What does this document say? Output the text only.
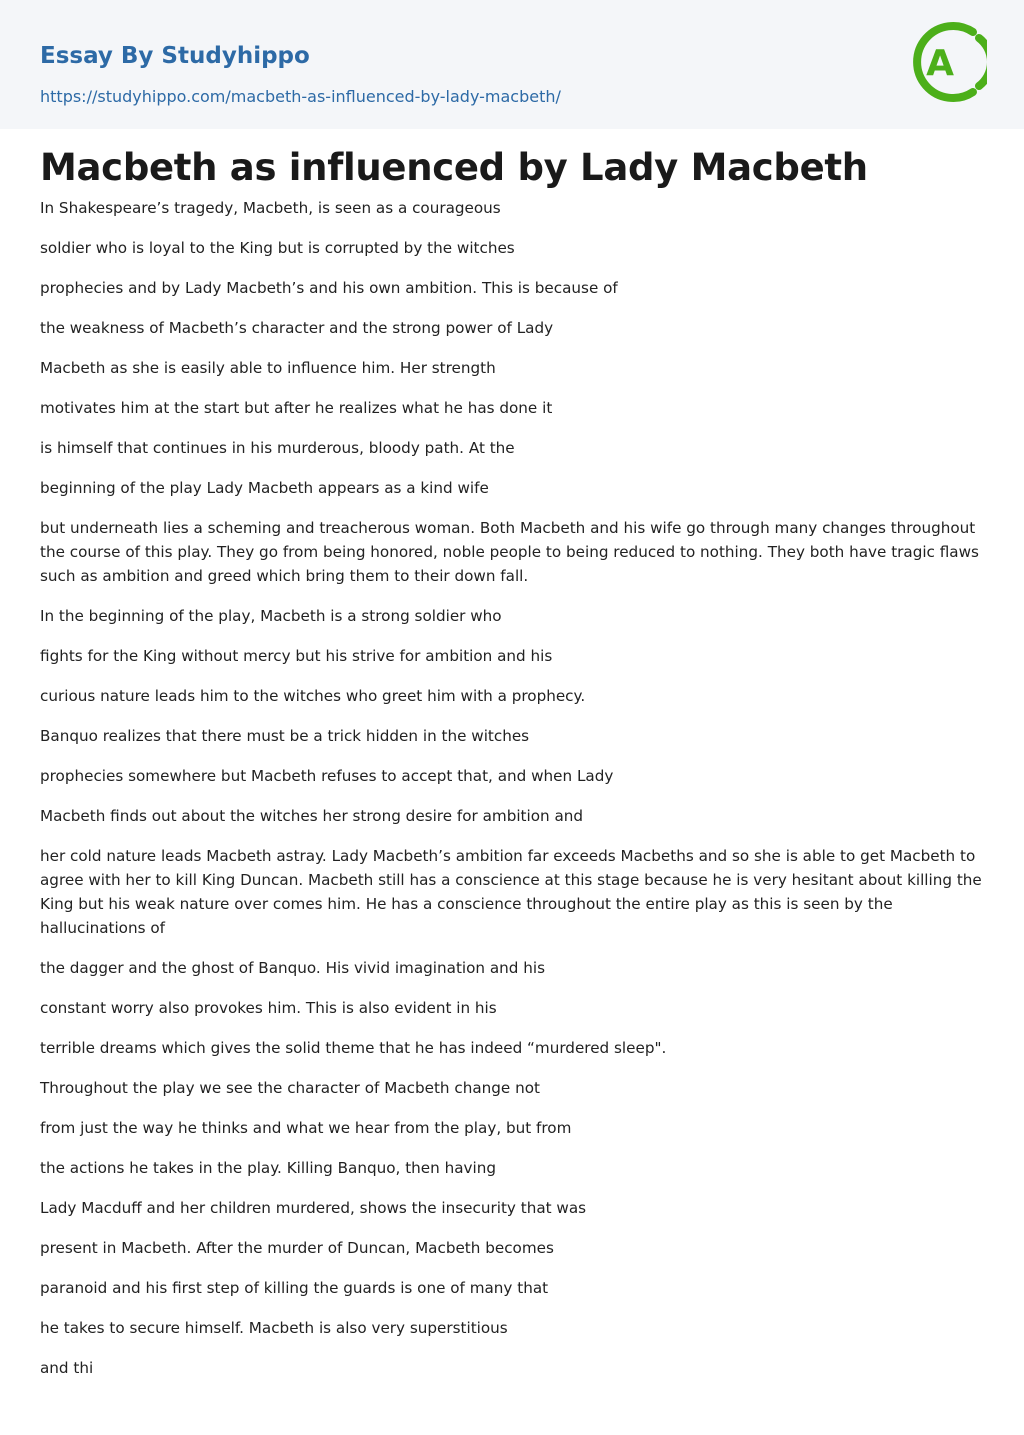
Essay By Studyhippo

https://studyhippo.com/macbeth-as-influenced-by-lady-macbeth/
A
Macbeth as influenced by Lady Macbeth

In Shakespeare’s tragedy, Macbeth, is seen as a courageous

soldier who is loyal to the King but is corrupted by the witches

prophecies and by Lady Macbeth’s and his own ambition. This is because of

the weakness of Macbeth’s character and the strong power of Lady

Macbeth as she is easily able to influence him. Her strength

motivates him at the start but after he realizes what he has done it

is himself that continues in his murderous, bloody path. At the

beginning of the play Lady Macbeth appears as a kind wife

but underneath lies a scheming and treacherous woman. Both Macbeth and his wife go through many changes throughout the course of this play. They go from being honored, noble people to being reduced to nothing. They both have tragic flaws such as ambition and greed which bring them to their down fall.

In the beginning of the play, Macbeth is a strong soldier who

fights for the King without mercy but his strive for ambition and his

curious nature leads him to the witches who greet him with a prophecy.

Banquo realizes that there must be a trick hidden in the witches

prophecies somewhere but Macbeth refuses to accept that, and when Lady

Macbeth finds out about the witches her strong desire for ambition and

her cold nature leads Macbeth astray. Lady Macbeth’s ambition far exceeds Macbeths and so she is able to get Macbeth to agree with her to kill King Duncan. Macbeth still has a conscience at this stage because he is very hesitant about killing the King but his weak nature over comes him. He has a conscience throughout the entire play as this is seen by the hallucinations of

the dagger and the ghost of Banquo. His vivid imagination and his

constant worry also provokes him. This is also evident in his

terrible dreams which gives the solid theme that he has indeed “murdered sleep".

Throughout the play we see the character of Macbeth change not

from just the way he thinks and what we hear from the play, but from

the actions he takes in the play. Killing Banquo, then having

Lady Macduff and her children murdered, shows the insecurity that was

present in Macbeth. After the murder of Duncan, Macbeth becomes

paranoid and his first step of killing the guards is one of many that

he takes to secure himself. Macbeth is also very superstitious

and thi
